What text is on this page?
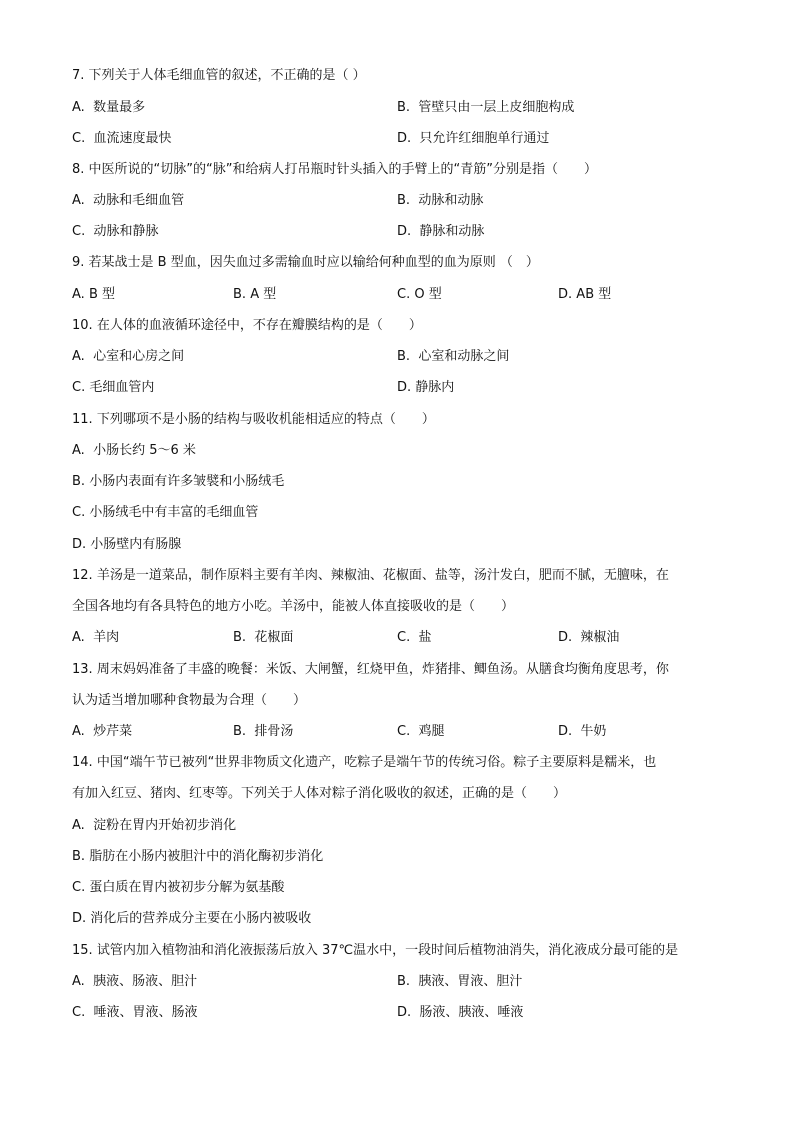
7. 下列关于人体毛细血管的叙述，不正确的是（ ）
A. 数量最多	B. 管壁只由一层上皮细胞构成
C. 血流速度最快	D. 只允许红细胞单行通过
8. 中医所说的“切脉”的“脉”和给病人打吊瓶时针头插入的手臂上的“青筋”分别是指（　　）
A. 动脉和毛细血管	B. 动脉和动脉
C. 动脉和静脉	D. 静脉和动脉
9. 若某战士是 B 型血，因失血过多需输血时应以输给何种血型的血为原则 （　）
A. B 型	B. A 型	C. O 型	D. AB 型
10. 在人体的血液循环途径中，不存在瓣膜结构的是（　　）
A. 心室和心房之间	B. 心室和动脉之间
C. 毛细血管内	D. 静脉内
11. 下列哪项不是小肠的结构与吸收机能相适应的特点（　　）
A. 小肠长约 5～6 米
B. 小肠内表面有许多皱襞和小肠绒毛
C. 小肠绒毛中有丰富的毛细血管
D. 小肠壁内有肠腺
12. 羊汤是一道菜品，制作原料主要有羊肉、辣椒油、花椒面、盐等，汤汁发白，肥而不腻，无膻味，在
全国各地均有各具特色的地方小吃。羊汤中，能被人体直接吸收的是（　　）
A. 羊肉	B. 花椒面	C. 盐	D. 辣椒油
13. 周末妈妈准备了丰盛的晚餐：米饭、大闸蟹，红烧甲鱼，炸猪排、鲫鱼汤。从膳食均衡角度思考，你
认为适当增加哪种食物最为合理（　　）
A. 炒芹菜	B. 排骨汤	C. 鸡腿	D. 牛奶
14. 中国“端午节已被列“世界非物质文化遗产，吃粽子是端午节的传统习俗。粽子主要原料是糯米，也
有加入红豆、猪肉、红枣等。下列关于人体对粽子消化吸收的叙述，正确的是（　　）
A. 淀粉在胃内开始初步消化
B. 脂肪在小肠内被胆汁中的消化酶初步消化
C. 蛋白质在胃内被初步分解为氨基酸
D. 消化后的营养成分主要在小肠内被吸收
15. 试管内加入植物油和消化液振荡后放入 37℃温水中，一段时间后植物油消失，消化液成分最可能的是
A. 胰液、肠液、胆汁	B. 胰液、胃液、胆汁
C. 唾液、胃液、肠液	D. 肠液、胰液、唾液
